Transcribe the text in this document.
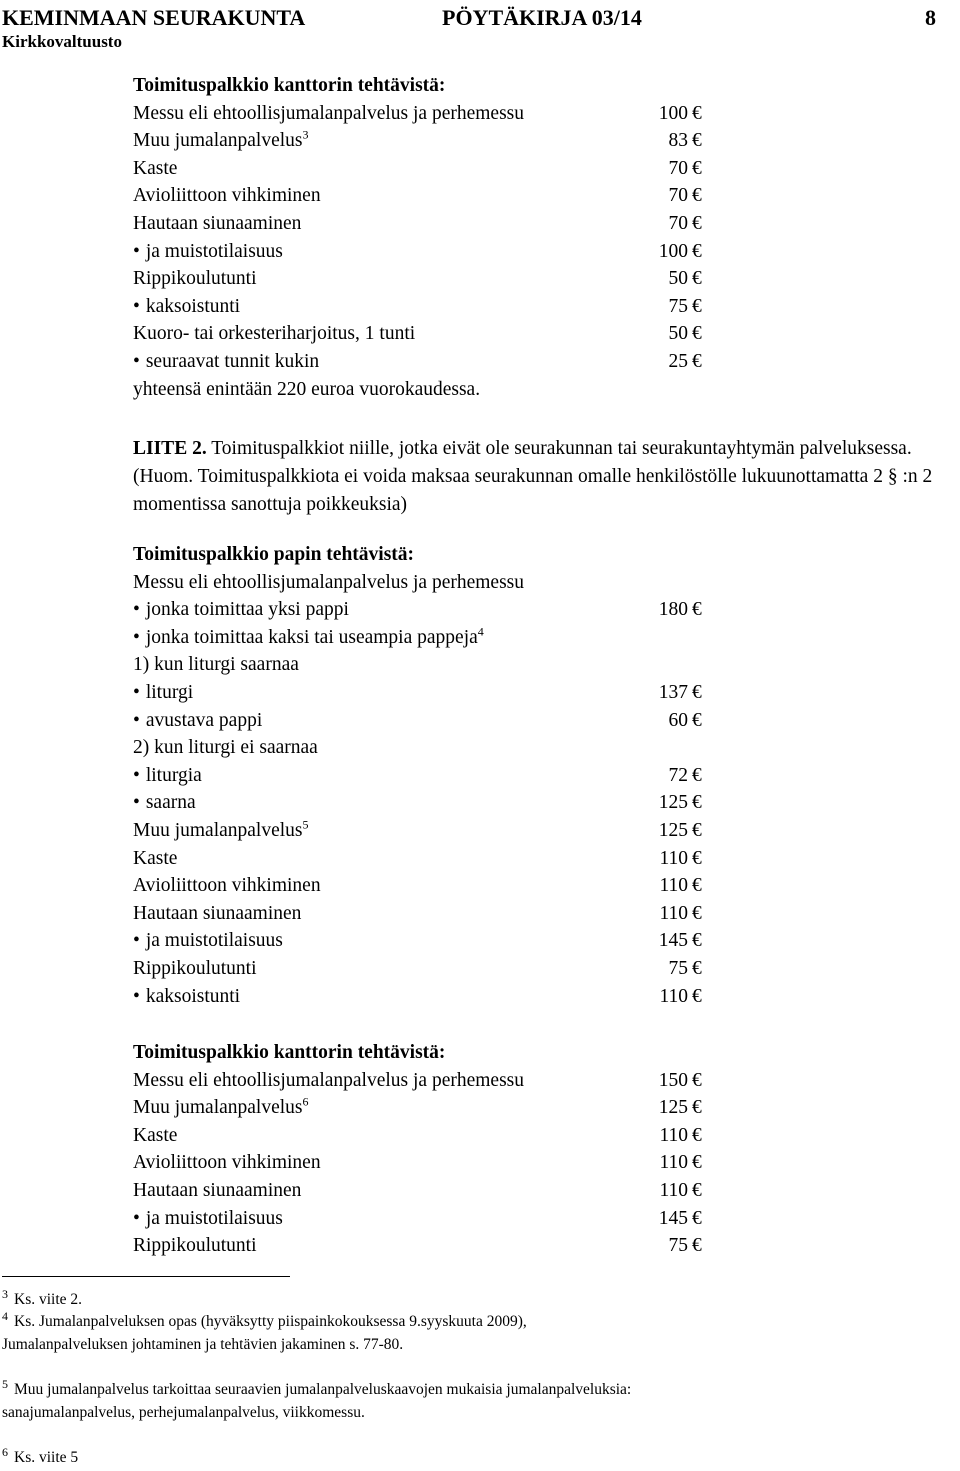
KEMINMAAN SEURAKUNTA	PÖYTÄKIRJA 03/14	8
Kirkkovaltuusto
Toimituspalkkio kanttorin tehtävistä:
Messu eli ehtoollisjumalanpalvelus ja perhemessu	100 €
Muu jumalanpalvelus$^3$	83 €
Kaste	70 €
Avioliittoon vihkiminen	70 €
Hautaan siunaaminen	70 €
• ja muistotilaisuus	100 €
Rippikoulutunti	50 €
• kaksoistunti	75 €
Kuoro- tai orkesteriharjoitus, 1 tunti	50 €
• seuraavat tunnit kukin	25 €
yhteensä enintään 220 euroa vuorokaudessa.
LIITE 2. Toimituspalkkiot niille, jotka eivät ole seurakunnan tai seurakuntayhtymän palveluksessa. (Huom. Toimituspalkkiota ei voida maksaa seurakunnan omalle henkilöstölle lukuunottamatta 2 § :n 2 momentissa sanottuja poikkeuksia)
Toimituspalkkio papin tehtävistä:
Messu eli ehtoollisjumalanpalvelus ja perhemessu
• jonka toimittaa yksi pappi	180 €
• jonka toimittaa kaksi tai useampia pappeja$^4$
1) kun liturgi saarnaa
• liturgi	137 €
• avustava pappi	60 €
2) kun liturgi ei saarnaa
• liturgia	72 €
• saarna	125 €
Muu jumalanpalvelus$^5$	125 €
Kaste	110 €
Avioliittoon vihkiminen	110 €
Hautaan siunaaminen	110 €
• ja muistotilaisuus	145 €
Rippikoulutunti	75 €
• kaksoistunti	110 €
Toimituspalkkio kanttorin tehtävistä:
Messu eli ehtoollisjumalanpalvelus ja perhemessu	150 €
Muu jumalanpalvelus$^6$	125 €
Kaste	110 €
Avioliittoon vihkiminen	110 €
Hautaan siunaaminen	110 €
• ja muistotilaisuus	145 €
Rippikoulutunti	75 €
$^3$ Ks. viite 2.
$^4$ Ks. Jumalanpalveluksen opas (hyväksytty piispainkokouksessa 9.syyskuuta 2009),
Jumalanpalveluksen johtaminen ja tehtävien jakaminen s. 77-80.
$^5$ Muu jumalanpalvelus tarkoittaa seuraavien jumalanpalveluskaavojen mukaisia jumalanpalveluksia:
sanajumalanpalvelus, perhejumalanpalvelus, viikkomessu.
$^6$ Ks. viite 5
